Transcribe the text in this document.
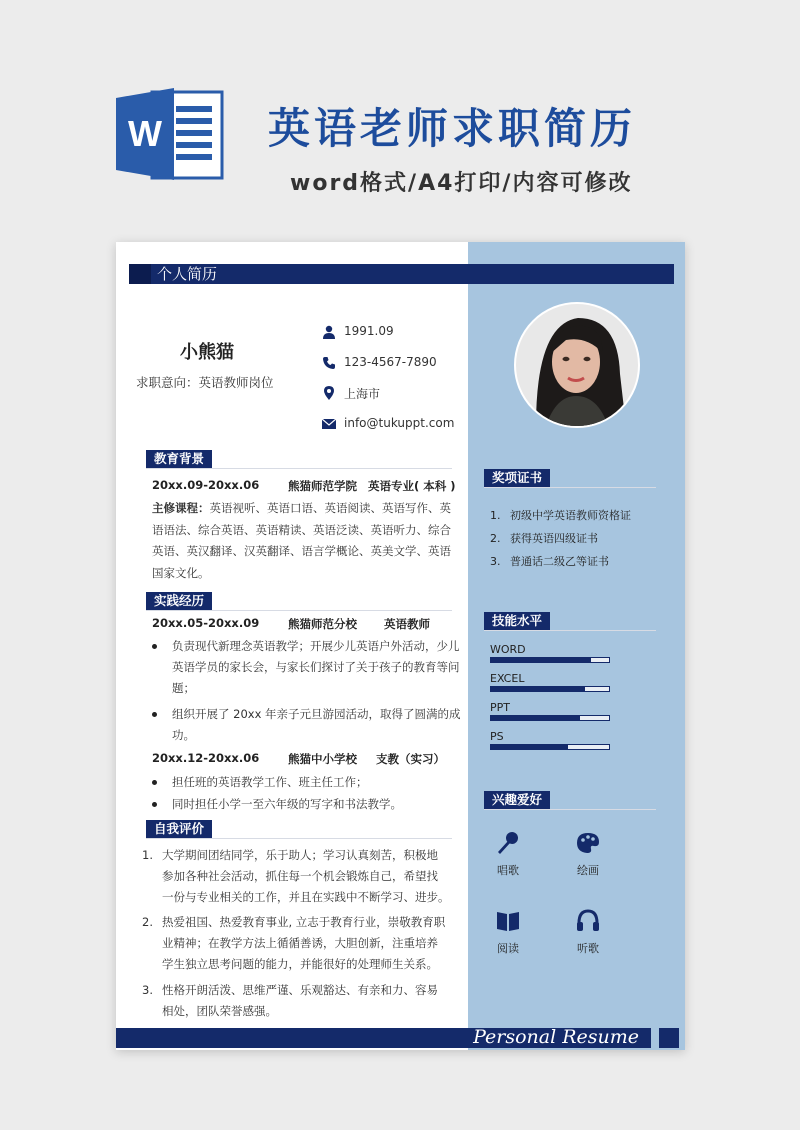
W	英语老师求职简历
word格式/A4打印/内容可修改
个人简历
小熊猫
求职意向：英语教师岗位
1991.09
123-4567-7890
上海市
info@tukuppt.com
教育背景
20xx.09-20xx.06	熊猫师范学院 英语专业( 本科 )
主修课程：英语视听、英语口语、英语阅读、英语写作、英
语语法、综合英语、英语精读、英语泛读、英语听力、综合
英语、英汉翻译、汉英翻译、语言学概论、英美文学、英语
国家文化。
实践经历
20xx.05-20xx.09	熊猫师范分校 英语教师
负责现代新理念英语教学；开展少儿英语户外活动，少儿
英语学员的家长会，与家长们探讨了关于孩子的教育等问
题；
组织开展了 20xx 年亲子元旦游园活动，取得了圆满的成
功。
20xx.12-20xx.06	熊猫中小学校 支教（实习）
担任班的英语教学工作、班主任工作；
同时担任小学一至六年级的写字和书法教学。
自我评价
1. 大学期间团结同学，乐于助人；学习认真刻苦，积极地
参加各种社会活动，抓住每一个机会锻炼自己，希望找
一份与专业相关的工作，并且在实践中不断学习、进步。
2. 热爱祖国、热爱教育事业, 立志于教育行业，崇敬教育职
业精神；在教学方法上循循善诱，大胆创新，注重培养
学生独立思考问题的能力，并能很好的处理师生关系。
3. 性格开朗活泼、思维严谨、乐观豁达、有亲和力、容易
相处，团队荣誉感强。
奖项证书
1. 初级中学英语教师资格证
2. 获得英语四级证书
3. 普通话二级乙等证书
技能水平
WORD
EXCEL
PPT
PS
兴趣爱好
唱歌	绘画
阅读	听歌
Personal Resume
